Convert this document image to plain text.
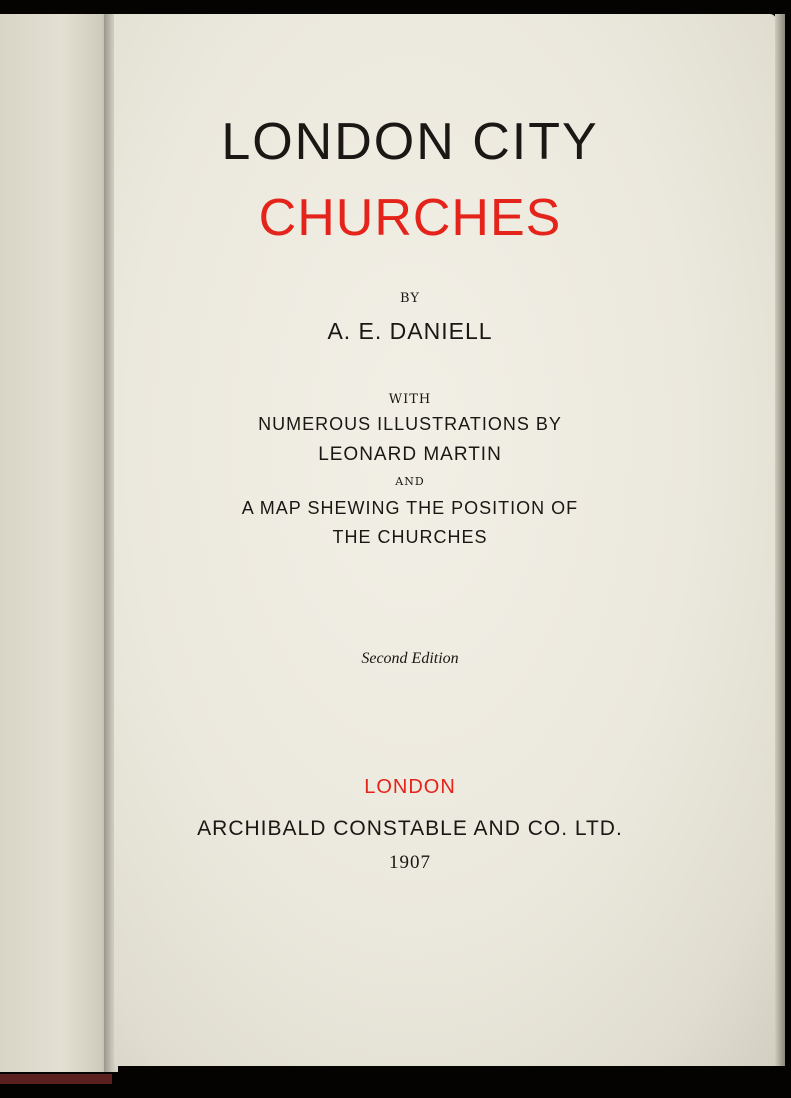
LONDON CITY

CHURCHES

BY

A. E. DANIELL

WITH

NUMEROUS ILLUSTRATIONS BY

LEONARD MARTIN

AND

A MAP SHEWING THE POSITION OF

THE CHURCHES

Second Edition

LONDON

ARCHIBALD CONSTABLE AND CO. LTD.

1907
